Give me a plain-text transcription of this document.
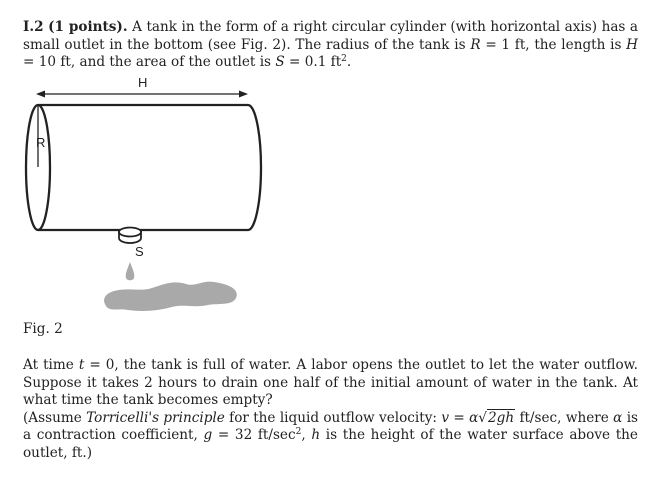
I.2 (1 points). A tank in the form of a right circular cylinder (with horizontal axis) has a small outlet in the bottom (see Fig. 2). The radius of the tank is R = 1 ft, the length is H = 10 ft, and the area of the outlet is S = 0.1 $ft^2$.
H
R
S
Fig. 2
At time t = 0, the tank is full of water. A labor opens the outlet to let the water outflow. Suppose it takes 2 hours to drain one half of the initial amount of water in the tank. At what time the tank becomes empty?
(Assume Torricelli's principle for the liquid outflow velocity: v = α√2gh ft/sec, where α is a contraction coefficient, g = 32 $ft/\sec^2$, h is the height of the water surface above the outlet, ft.)
